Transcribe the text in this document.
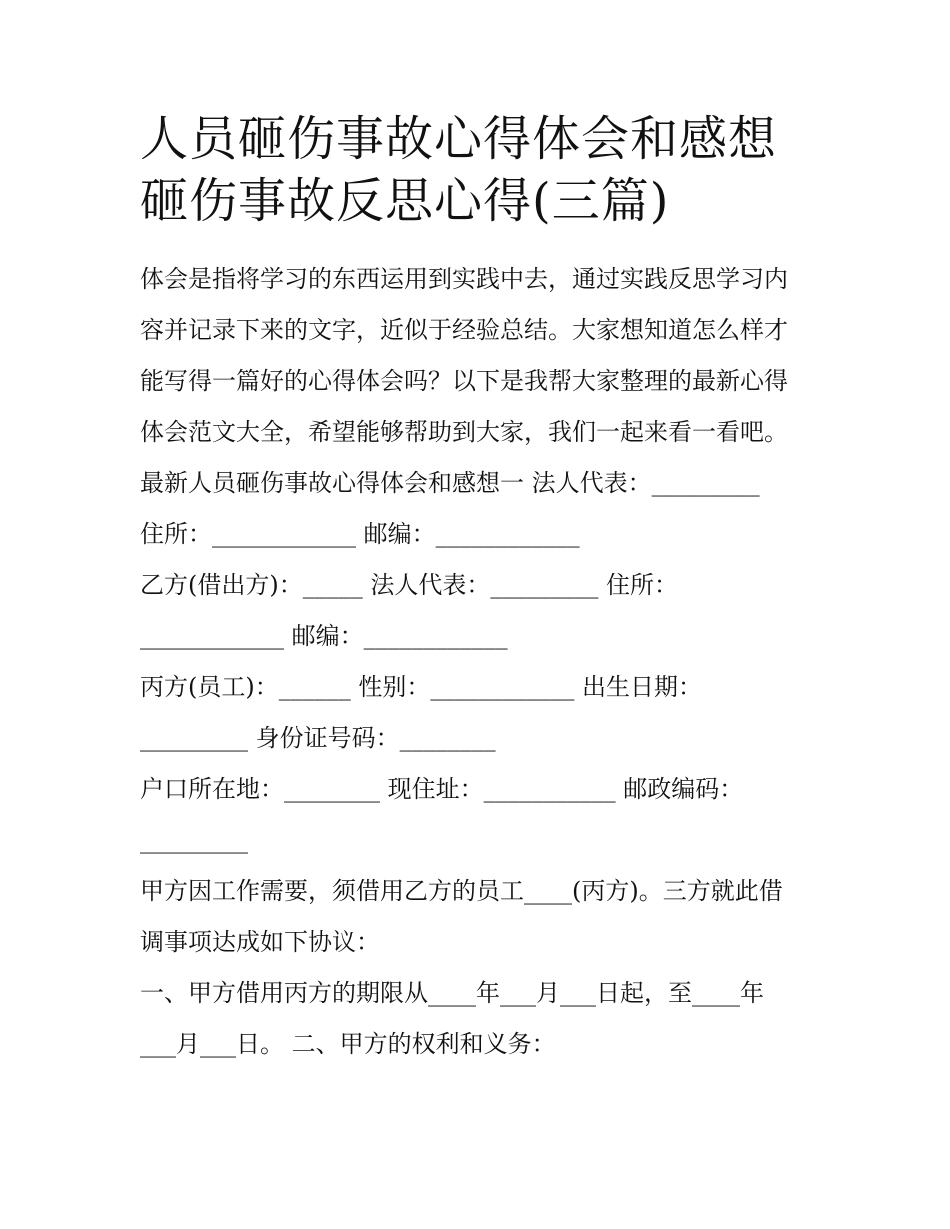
人员砸伤事故心得体会和感想
砸伤事故反思心得(三篇)

体会是指将学习的东西运用到实践中去，通过实践反思学习内

容并记录下来的文字，近似于经验总结。大家想知道怎么样才

能写得一篇好的心得体会吗？以下是我帮大家整理的最新心得

体会范文大全，希望能够帮助到大家，我们一起来看一看吧。

最新人员砸伤事故心得体会和感想一 法人代表：_________

住所：____________ 邮编：____________

乙方(借出方)：_____ 法人代表：_________ 住所：

____________ 邮编：____________

丙方(员工)：______ 性别：____________ 出生日期：

_________ 身份证号码：________

户口所在地：________ 现住址：___________ 邮政编码：

_________

甲方因工作需要，须借用乙方的员工____(丙方)。三方就此借

调事项达成如下协议：

一、甲方借用丙方的期限从____年___月___日起，至____年

___月___日。 二、甲方的权利和义务：
